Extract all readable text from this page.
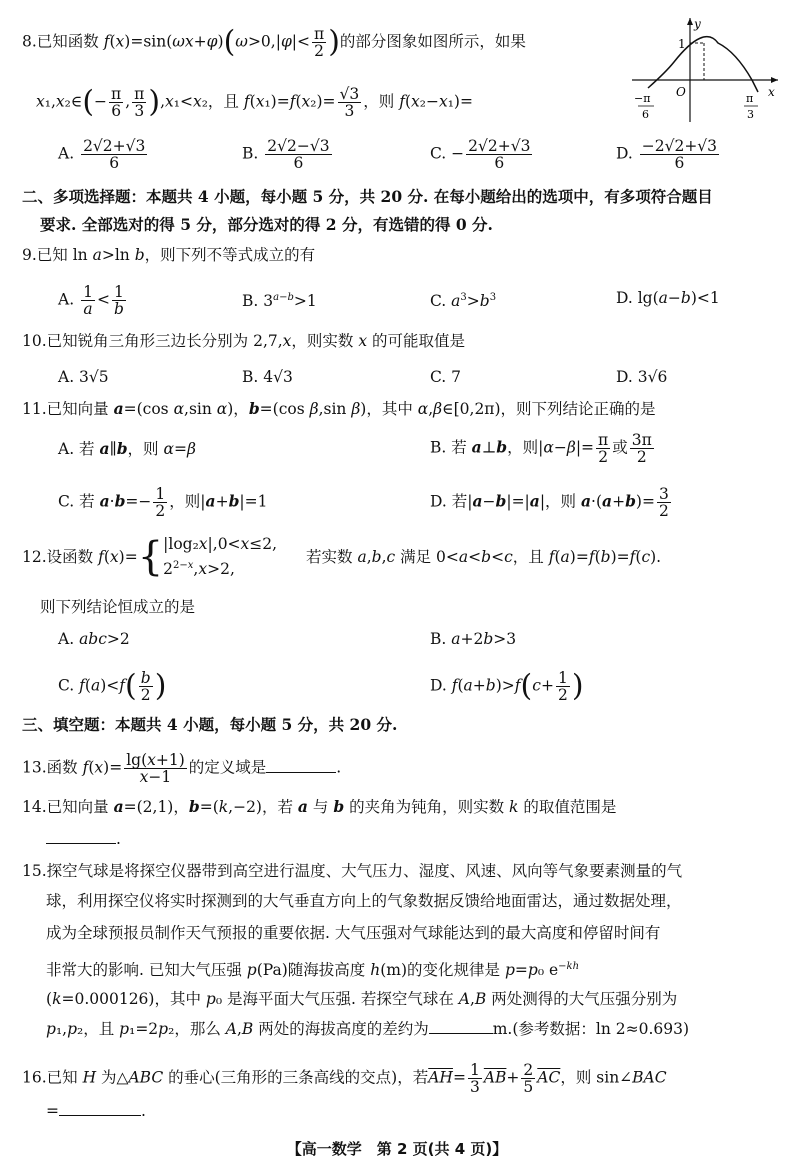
8.已知函数 $f(x)=\sin(\omega x+\varphi)(\omega>0,|\varphi|< \frac{\pi}{2}$ )的部分图象如图所示，如果
x₁,x₂∈(− $\frac{\pi}{6}$ , $\frac{\pi}{3} ),x_1<x_2$，且 $f(x_1)=f(x_2)= \frac{√3}{3}$ ，则 f(x₂−x₁)=
A. $\frac{2√2+√3}{6}$	B. $\frac{2√2-√3}{6}$	C. − $\frac{2√2+√3}{6}$	D. $\frac{-2√2+√3}{6}$
y
x
1
O
−π
6
π
3
二、多项选择题：本题共 4 小题，每小题 5 分，共 20 分. 在每小题给出的选项中，有多项符合题目
要求. 全部选对的得 5 分，部分选对的得 2 分，有选错的得 0 分.
9.已知 ln a>ln b，则下列不等式成立的有
A. $\frac{1}{a} < \frac{1}{b}$	B. $3^{a-b}>1$	C. $a^3>b^3$	D. lg(a−b)<1
10.已知锐角三角形三边长分别为 2,7,x，则实数 x 的可能取值是
A. 3√5	B. 4√3	C. 7	D. 3√6
11.已知向量 a=(cos α,sin α)，b=(cos β,sin β)，其中 α,β∈[0,2π)，则下列结论正确的是
A. 若 a∥b，则 α=β	B. 若 a⊥b，则$|\alpha-\beta|= \frac{\pi}{2}$ 或 $\frac{3\pi}{2}$
C. 若 $a\cdot b=- \frac{1}{2}$ ，则|a+b|=1	D. 若|a−b|=|a|，则 $a\cdot(a+b)= \frac{3}{2}$
12.设函数 f(x)={|log₂x|,0<x≤2,
$2^{2-x},x>2$, 若实数 a,b,c 满足 0<a<b<c，且 f(a)=f(b)=f(c).
则下列结论恒成立的是
A. abc>2	B. a+2b>3
C. $f(a)<f( \frac{b}{2}$ )	D. $f(a+b)>f(c+ \frac{1}{2}$ )
三、填空题：本题共 4 小题，每小题 5 分，共 20 分.
13.函数 $f(x)= \frac{\lg(x+1)}{x-1}$ 的定义域是	.
14.已知向量 a=(2,1)，b=(k,−2)，若 a 与 b 的夹角为钝角，则实数 k 的取值范围是
.
15.探空气球是将探空仪器带到高空进行温度、大气压力、湿度、风速、风向等气象要素测量的气
球，利用探空仪将实时探测到的大气垂直方向上的气象数据反馈给地面雷达，通过数据处理，
成为全球预报员制作天气预报的重要依据. 大气压强对气球能达到的最大高度和停留时间有
非常大的影响. 已知大气压强 p(Pa)随海拔高度 h(m)的变化规律是 p=p₀ $e^{-kh}$
(k=0.000126)，其中 p₀ 是海平面大气压强. 若探空气球在 A,B 两处测得的大气压强分别为
p₁,p₂，且 p₁=2p₂，那么 A,B 两处的海拔高度的差约为	m.(参考数据：ln 2≈0.693)
16.已知 H 为△ABC 的垂心(三角形的三条高线的交点)，若$\overline{AH}= \frac{1}{3} \overline{AB}+ \frac{2}{5} \overline{AC}$，则 sin∠BAC
=	.
【高一数学　第 2 页(共 4 页)】
